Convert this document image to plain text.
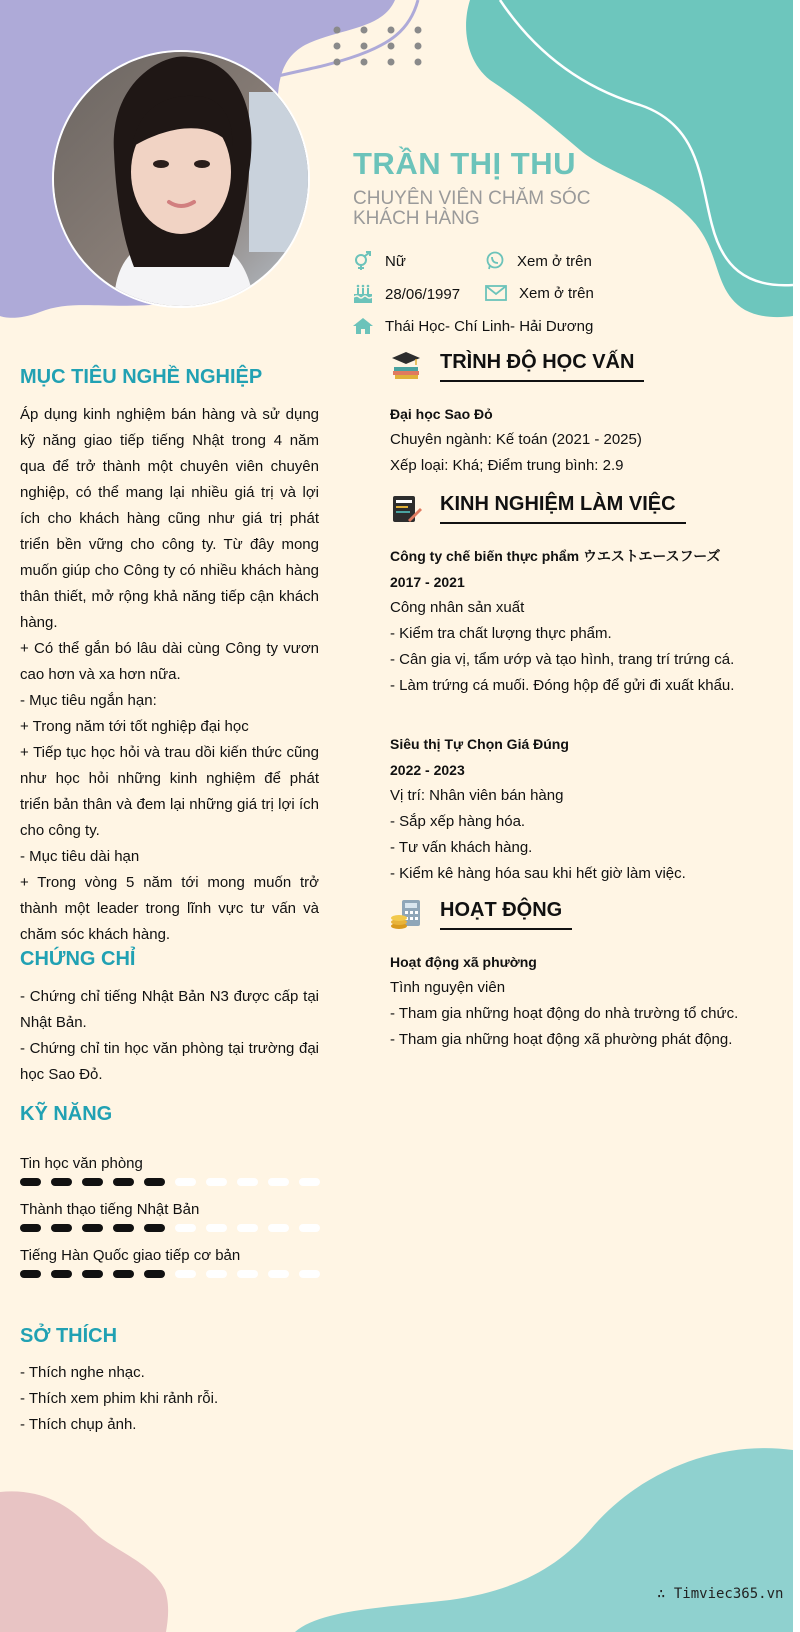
TRẦN THỊ THU
CHUYÊN VIÊN CHĂM SÓC
KHÁCH HÀNG
Nữ	Xem ở trên
28/06/1997	Xem ở trên
Thái Học- Chí Linh- Hải Dương
MỤC TIÊU NGHỀ NGHIỆP

Áp dụng kinh nghiệm bán hàng và sử dụng kỹ năng giao tiếp tiếng Nhật trong 4 năm qua để trở thành một chuyên viên chuyên nghiệp, có thể mang lại nhiều giá trị và lợi ích cho khách hàng cũng như giá trị phát triển bền vững cho công ty. Từ đây mong muốn giúp cho Công ty có nhiều khách hàng thân thiết, mở rộng khả năng tiếp cận khách hàng.

+ Có thể gắn bó lâu dài cùng Công ty vươn cao hơn và xa hơn nữa.

- Mục tiêu ngắn hạn:

+ Trong năm tới tốt nghiệp đại học

+ Tiếp tục học hỏi và trau dồi kiến thức cũng như học hỏi những kinh nghiệm để phát triển bản thân và đem lại những giá trị lợi ích cho công ty.

- Mục tiêu dài hạn

+ Trong vòng 5 năm tới mong muốn trở thành một leader trong lĩnh vực tư vấn và chăm sóc khách hàng.

CHỨNG CHỈ

- Chứng chỉ tiếng Nhật Bản N3 được cấp tại Nhật Bản.

- Chứng chỉ tin học văn phòng tại trường đại học Sao Đỏ.

KỸ NĂNG
Tin học văn phòng
Thành thạo tiếng Nhật Bản
Tiếng Hàn Quốc giao tiếp cơ bản
SỞ THÍCH

- Thích nghe nhạc.

- Thích xem phim khi rảnh rỗi.

- Thích chụp ảnh.

TRÌNH ĐỘ HỌC VẤN

Đại học Sao Đỏ

Chuyên ngành: Kế toán (2021 - 2025)

Xếp loại: Khá; Điểm trung bình: 2.9

KINH NGHIỆM LÀM VIỆC

Công ty chế biến thực phẩm ウエストエースフーズ

2017 - 2021

Công nhân sản xuất

- Kiểm tra chất lượng thực phẩm.

- Cân gia vị, tẩm ướp và tạo hình, trang trí trứng cá.

- Làm trứng cá muối. Đóng hộp để gửi đi xuất khẩu.

Siêu thị Tự Chọn Giá Đúng

2022 - 2023

Vị trí: Nhân viên bán hàng

- Sắp xếp hàng hóa.

- Tư vấn khách hàng.

- Kiểm kê hàng hóa sau khi hết giờ làm việc.

HOẠT ĐỘNG

Hoạt động xã phường

Tình nguyện viên

- Tham gia những hoạt động do nhà trường tổ chức.

- Tham gia những hoạt động xã phường phát động.

∴ Timviec365.vn
